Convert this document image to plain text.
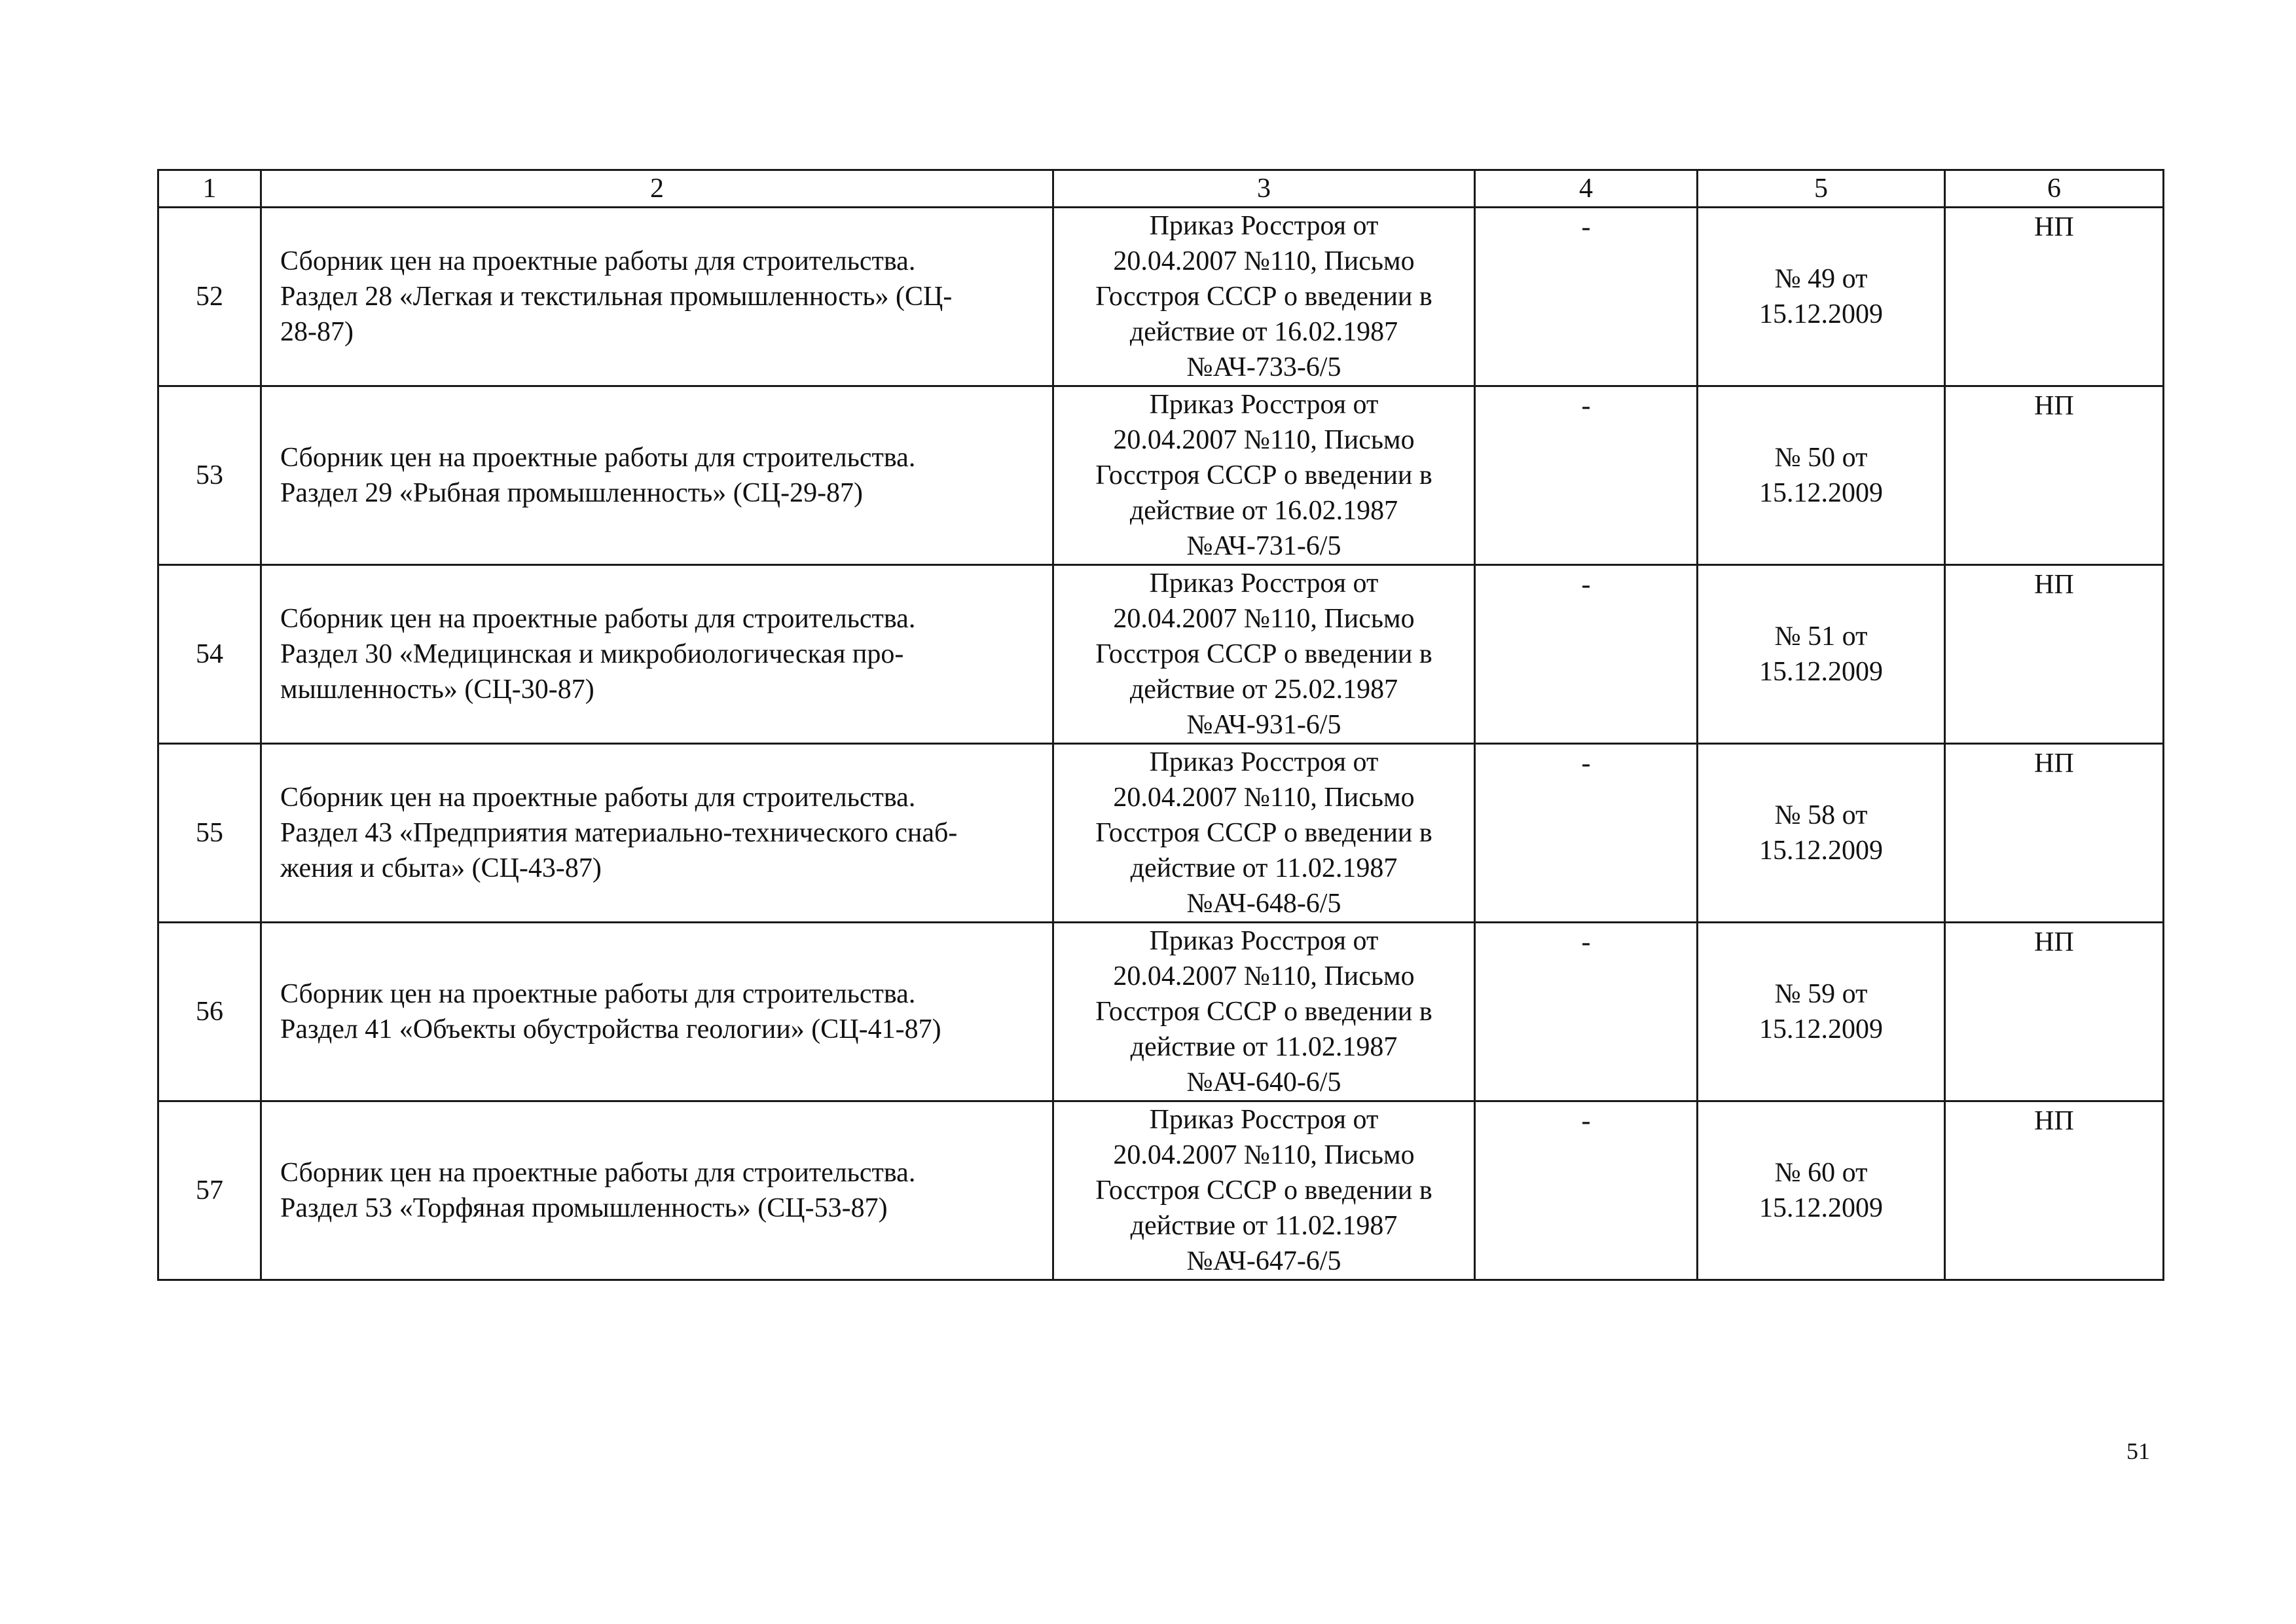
1	2	3	4	5	6
52	Сборник цен на проектные работы для строительства.
Раздел 28 «Легкая и текстильная промышленность» (СЦ-
28-87)	Приказ Росстроя от
20.04.2007 №110, Письмо
Госстроя СССР о введении в
действие от 16.02.1987
№АЧ-733-6/5	-	№ 49 от
15.12.2009	НП
53	Сборник цен на проектные работы для строительства.
Раздел 29 «Рыбная промышленность» (СЦ-29-87)	Приказ Росстроя от
20.04.2007 №110, Письмо
Госстроя СССР о введении в
действие от 16.02.1987
№АЧ-731-6/5	-	№ 50 от
15.12.2009	НП
54	Сборник цен на проектные работы для строительства.
Раздел 30 «Медицинская и микробиологическая про-
мышленность» (СЦ-30-87)	Приказ Росстроя от
20.04.2007 №110, Письмо
Госстроя СССР о введении в
действие от 25.02.1987
№АЧ-931-6/5	-	№ 51 от
15.12.2009	НП
55	Сборник цен на проектные работы для строительства.
Раздел 43 «Предприятия материально-технического снаб-
жения и сбыта» (СЦ-43-87)	Приказ Росстроя от
20.04.2007 №110, Письмо
Госстроя СССР о введении в
действие от 11.02.1987
№АЧ-648-6/5	-	№ 58 от
15.12.2009	НП
56	Сборник цен на проектные работы для строительства.
Раздел 41 «Объекты обустройства геологии» (СЦ-41-87)	Приказ Росстроя от
20.04.2007 №110, Письмо
Госстроя СССР о введении в
действие от 11.02.1987
№АЧ-640-6/5	-	№ 59 от
15.12.2009	НП
57	Сборник цен на проектные работы для строительства.
Раздел 53 «Торфяная промышленность» (СЦ-53-87)	Приказ Росстроя от
20.04.2007 №110, Письмо
Госстроя СССР о введении в
действие от 11.02.1987
№АЧ-647-6/5	-	№ 60 от
15.12.2009	НП
51
